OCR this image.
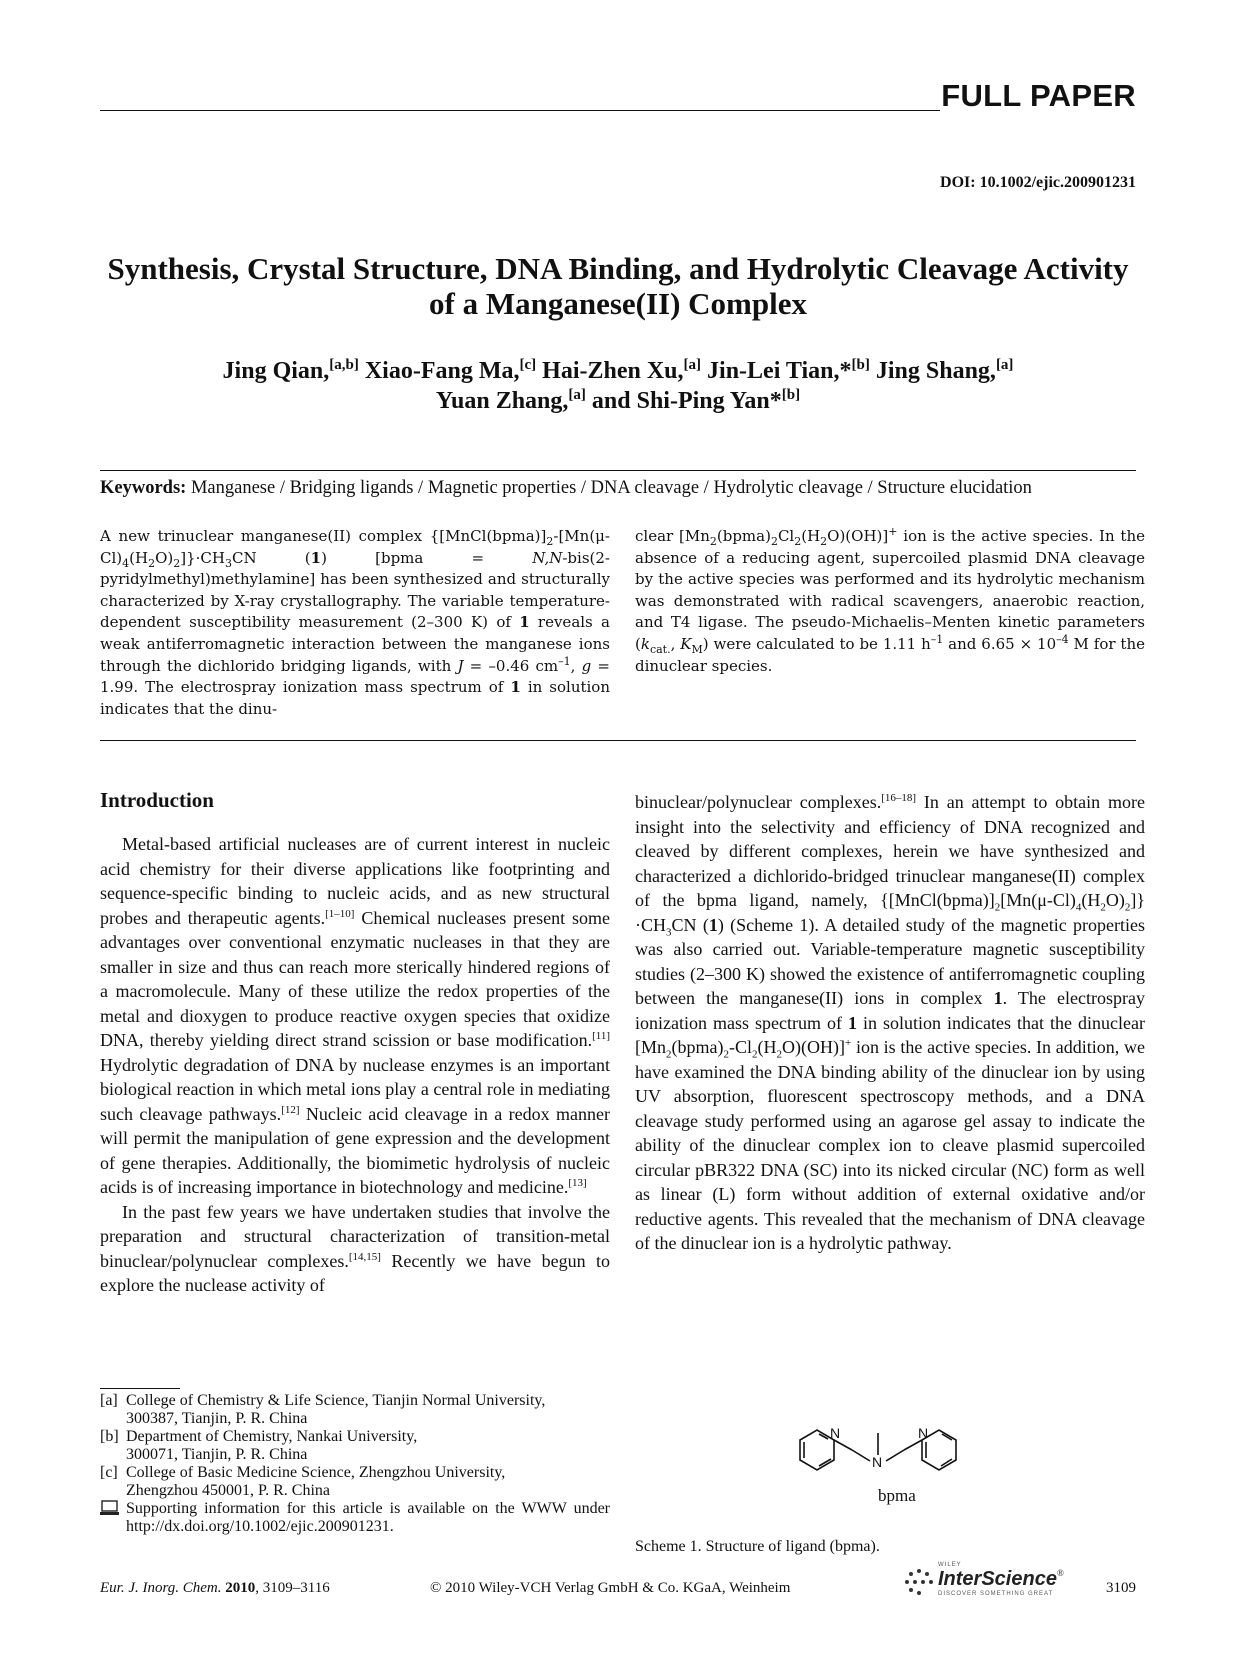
FULL PAPER
DOI: 10.1002/ejic.200901231
Synthesis, Crystal Structure, DNA Binding, and Hydrolytic Cleavage Activity
of a Manganese(II) Complex
Jing Qian,[a,b] Xiao-Fang Ma,[c] Hai-Zhen Xu,[a] Jin-Lei Tian,*[b] Jing Shang,[a]
Yuan Zhang,[a] and Shi-Ping Yan*[b]
Keywords: Manganese / Bridging ligands / Magnetic properties / DNA cleavage / Hydrolytic cleavage / Structure elucidation
A new trinuclear manganese(II) complex $\{[MnCl(bpma)]_2-[Mn(\mu-Cl)_4(H_2O)_2]\}\cdot CH_3CN$ (1) [bpma = N,N-bis(2-pyridylmethyl)methylamine] has been synthesized and structurally characterized by X-ray crystallography. The variable temperature-dependent susceptibility measurement (2–300 K) of 1 reveals a weak antiferromagnetic interaction between the manganese ions through the dichlorido bridging ligands, with J = –0.46 $cm^{-1}$, g = 1.99. The electrospray ionization mass spectrum of 1 in solution indicates that the dinu-
clear $[Mn_2(bpma)_2Cl_2(H_2O)(OH)]^+$ ion is the active species. In the absence of a reducing agent, supercoiled plasmid DNA cleavage by the active species was performed and its hydrolytic mechanism was demonstrated with radical scavengers, anaerobic reaction, and T4 ligase. The pseudo-Michaelis–Menten kinetic parameters ($k_{cat.}$, $K_M$) were calculated to be 1.11 $h^{-1}$ and $6.65 \times 10^{-4}$ M for the dinuclear species.
Introduction

Metal-based artificial nucleases are of current interest in nucleic acid chemistry for their diverse applications like footprinting and sequence-specific binding to nucleic acids, and as new structural probes and therapeutic agents.[1–10] Chemical nucleases present some advantages over conventional enzymatic nucleases in that they are smaller in size and thus can reach more sterically hindered regions of a macromolecule. Many of these utilize the redox properties of the metal and dioxygen to produce reactive oxygen species that oxidize DNA, thereby yielding direct strand scission or base modification.[11] Hydrolytic degradation of DNA by nuclease enzymes is an important biological reaction in which metal ions play a central role in mediating such cleavage pathways.[12] Nucleic acid cleavage in a redox manner will permit the manipulation of gene expression and the development of gene therapies. Additionally, the biomimetic hydrolysis of nucleic acids is of increasing importance in biotechnology and medicine.[13]

In the past few years we have undertaken studies that involve the preparation and structural characterization of transition-metal binuclear/polynuclear complexes.[14,15] Recently we have begun to explore the nuclease activity of

binuclear/polynuclear complexes.[16–18] In an attempt to obtain more insight into the selectivity and efficiency of DNA recognized and cleaved by different complexes, herein we have synthesized and characterized a dichlorido-bridged trinuclear manganese(II) complex of the bpma ligand, namely, $\{[MnCl(bpma)]_2[Mn(\mu-Cl)_4(H_2O)_2]\}\cdot CH_3CN$ (1) (Scheme 1). A detailed study of the magnetic properties was also carried out. Variable-temperature magnetic susceptibility studies (2–300 K) showed the existence of antiferromagnetic coupling between the manganese(II) ions in complex 1. The electrospray ionization mass spectrum of 1 in solution indicates that the dinuclear $[Mn_2(bpma)_2-Cl_2(H_2O)(OH)]^+$ ion is the active species. In addition, we have examined the DNA binding ability of the dinuclear ion by using UV absorption, fluorescent spectroscopy methods, and a DNA cleavage study performed using an agarose gel assay to indicate the ability of the dinuclear complex ion to cleave plasmid supercoiled circular pBR322 DNA (SC) into its nicked circular (NC) form as well as linear (L) form without addition of external oxidative and/or reductive agents. This revealed that the mechanism of DNA cleavage of the dinuclear ion is a hydrolytic pathway.

[a] College of Chemistry & Life Science, Tianjin Normal University,
300387, Tianjin, P. R. China
[b] Department of Chemistry, Nankai University,
300071, Tianjin, P. R. China
[c] College of Basic Medicine Science, Zhengzhou University,
Zhengzhou 450001, P. R. China
Supporting information for this article is available on the WWW under http://dx.doi.org/10.1002/ejic.200901231.
N
N
N
bpma
Scheme 1. Structure of ligand (bpma).
Eur. J. Inorg. Chem. 2010, 3109–3116	© 2010 Wiley-VCH Verlag GmbH & Co. KGaA, Weinheim
WILEY
InterScience®
DISCOVER SOMETHING GREAT	3109
